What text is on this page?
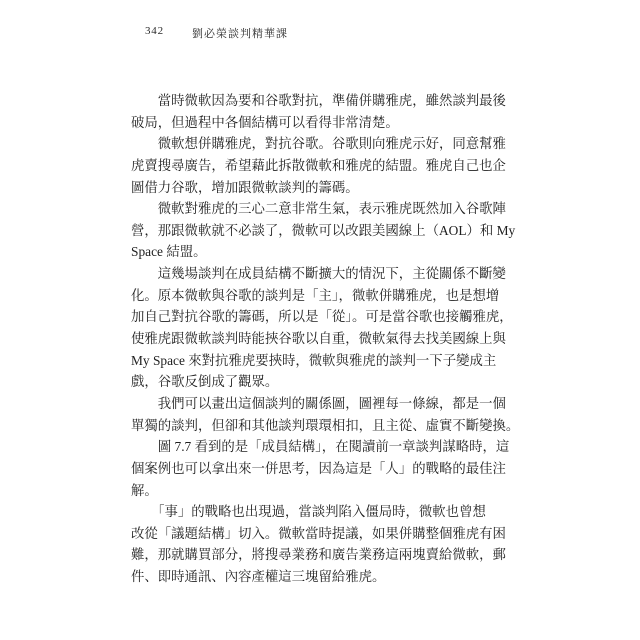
342	劉必榮談判精華課
　　當時微軟因為要和谷歌對抗，準備併購雅虎，雖然談判最後
破局，但過程中各個結構可以看得非常清楚。
　　微軟想併購雅虎，對抗谷歌。谷歌則向雅虎示好，同意幫雅
虎賣搜尋廣告，希望藉此拆散微軟和雅虎的結盟。雅虎自己也企
圖借力谷歌，增加跟微軟談判的籌碼。
　　微軟對雅虎的三心二意非常生氣，表示雅虎既然加入谷歌陣
營，那跟微軟就不必談了，微軟可以改跟美國線上（AOL）和 My
Space 結盟。
　　這幾場談判在成員結構不斷擴大的情況下，主從關係不斷變
化。原本微軟與谷歌的談判是「主」，微軟併購雅虎，也是想增
加自己對抗谷歌的籌碼，所以是「從」。可是當谷歌也接觸雅虎，
使雅虎跟微軟談判時能挾谷歌以自重，微軟氣得去找美國線上與
My Space 來對抗雅虎要挾時，微軟與雅虎的談判一下子變成主
戲，谷歌反倒成了觀眾。
　　我們可以畫出這個談判的關係圖，圖裡每一條線，都是一個
單獨的談判，但卻和其他談判環環相扣，且主從、虛實不斷變換。
　　圖 7.7 看到的是「成員結構」，在閱讀前一章談判謀略時，這
個案例也可以拿出來一併思考，因為這是「人」的戰略的最佳注
解。
　　「事」的戰略也出現過，當談判陷入僵局時，微軟也曾想
改從「議題結構」切入。微軟當時提議，如果併購整個雅虎有困
難，那就購買部分，將搜尋業務和廣告業務這兩塊賣給微軟，郵
件、即時通訊、內容產權這三塊留給雅虎。
